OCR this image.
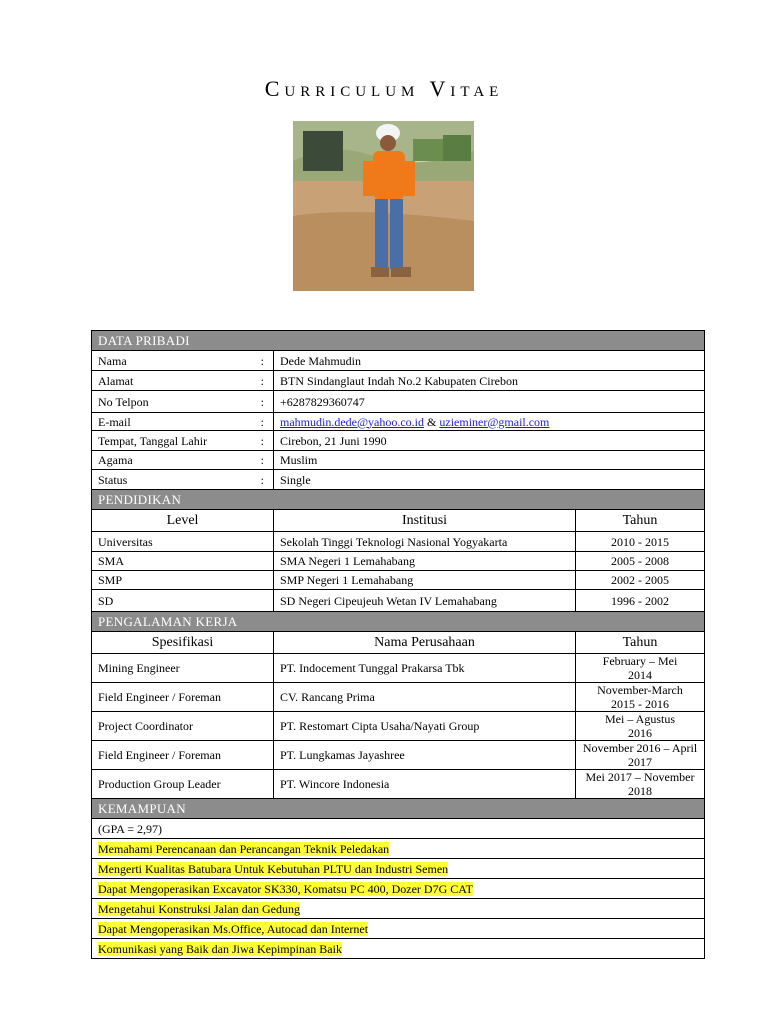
Curriculum Vitae
DATA PRIBADI			
Nama	:	Dede Mahmudin	
Alamat	:	BTN Sindanglaut Indah No.2 Kabupaten Cirebon	
No Telpon	:	+6287829360747	
E-mail	:	mahmudin.dede@yahoo.co.id & uzieminer@gmail.com	
Tempat, Tanggal Lahir	:	Cirebon, 21 Juni 1990	
Agama	:	Muslim	
Status	:	Single	
PENDIDIKAN			
Level		Institusi	Tahun
Universitas		Sekolah Tinggi Teknologi Nasional Yogyakarta	2010 - 2015
SMA		SMA Negeri 1 Lemahabang	2005 - 2008
SMP		SMP Negeri 1 Lemahabang	2002 - 2005
SD		SD Negeri Cipeujeuh Wetan IV Lemahabang	1996 - 2002
PENGALAMAN KERJA			
Spesifikasi		Nama Perusahaan	Tahun
Mining Engineer		PT. Indocement Tunggal Prakarsa Tbk	February – Mei
2014

Field Engineer / Foreman		CV. Rancang Prima	November-March
2015 - 2016

Project Coordinator		PT. Restomart Cipta Usaha/Nayati Group	Mei – Agustus
2016

Field Engineer / Foreman		PT. Lungkamas Jayashree	November 2016 – April
2017

Production Group Leader		PT. Wincore Indonesia	Mei 2017 – November
2018

KEMAMPUAN			
(GPA = 2,97)			
Memahami Perencanaan dan Perancangan Teknik Peledakan			
Mengerti Kualitas Batubara Untuk Kebutuhan PLTU dan Industri Semen			
Dapat Mengoperasikan Excavator SK330, Komatsu PC 400, Dozer D7G CAT			
Mengetahui Konstruksi Jalan dan Gedung			
Dapat Mengoperasikan Ms.Office, Autocad dan Internet			
Komunikasi yang Baik dan Jiwa Kepimpinan Baik			
